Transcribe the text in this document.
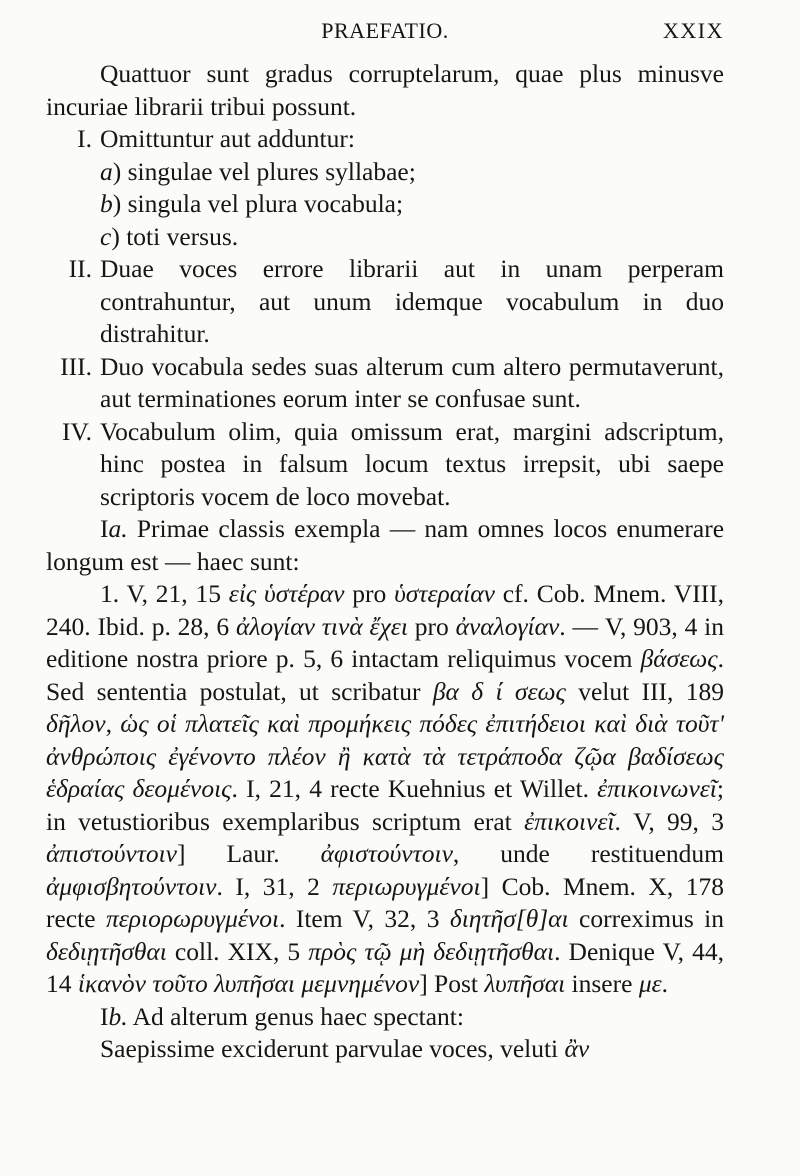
PRAEFATIO.	XXIX

Quattuor sunt gradus corruptelarum, quae plus minusve incuriae librarii tribui possunt.

I. Omittuntur aut adduntur:
a) singulae vel plures syllabae;
b) singula vel plura vocabula;
c) toti versus.
II. Duae voces errore librarii aut in unam perperam contrahuntur, aut unum idemque vocabulum in duo distrahitur.
III. Duo vocabula sedes suas alterum cum altero permutaverunt, aut terminationes eorum inter se confusae sunt.
IV. Vocabulum olim, quia omissum erat, margini adscriptum, hinc postea in falsum locum textus irrepsit, ubi saepe scriptoris vocem de loco movebat.

Ia. Primae classis exempla — nam omnes locos enumerare longum est — haec sunt:

1. V, 21, 15 εἰς ὑστέραν pro ὑστεραίαν cf. Cob. Mnem. VIII, 240. Ibid. p. 28, 6 ἀλογίαν τινὰ ἔχει pro ἀναλογίαν. — V, 903, 4 in editione nostra priore p. 5, 6 intactam reliquimus vocem βάσεως. Sed sententia postulat, ut scribatur βα δ ί σεως velut III, 189 δῆλον, ὡς οἱ πλατεῖς καὶ προμήκεις πόδες ἐπιτήδειοι καὶ διὰ τοῦτ' ἀνθρώποις ἐγένοντο πλέον ἢ κατὰ τὰ τετράποδα ζῷα βαδίσεως ἑδραίας δεομένοις. I, 21, 4 recte Kuehnius et Willet. ἐπικοινωνεῖ; in vetustioribus exemplaribus scriptum erat ἐπικοινεῖ. V, 99, 3 ἀπιστούντοιν] Laur. ἀφιστούντοιν, unde restituendum ἀμφισβητούντοιν. I, 31, 2 περιωρυγμένοι] Cob. Mnem. X, 178 recte περιορωρυγμένοι. Item V, 32, 3 διητῆσ[θ]αι correximus in δεδιῃτῆσθαι coll. XIX, 5 πρὸς τῷ μὴ δεδιῃτῆσθαι. Denique V, 44, 14 ἱκανὸν τοῦτο λυπῆσαι μεμνημένον] Post λυπῆσαι insere με.

Ib. Ad alterum genus haec spectant:

Saepissime exciderunt parvulae voces, veluti ἂν
